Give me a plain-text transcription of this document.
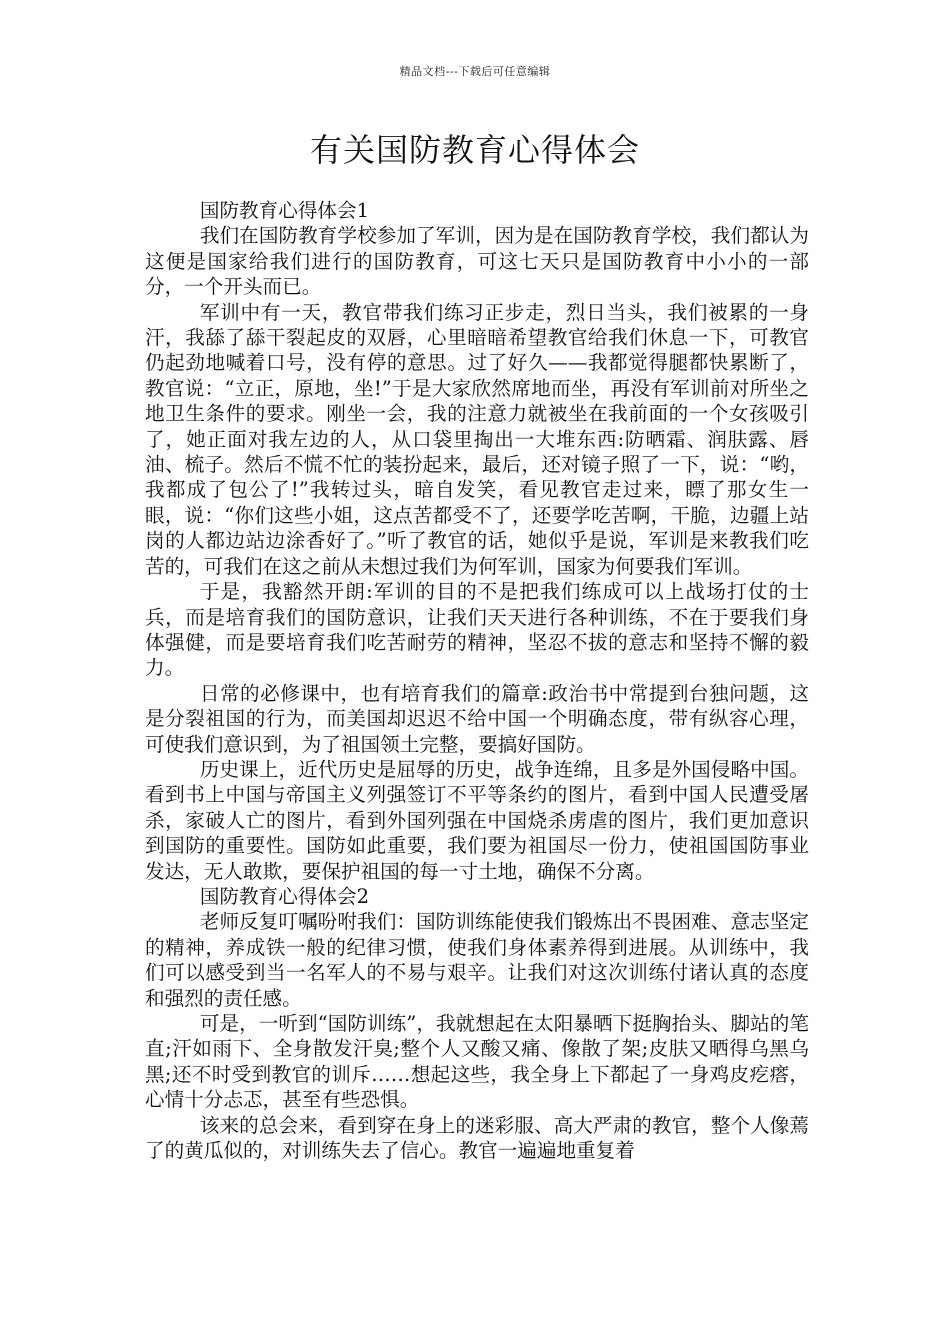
精品文档---下载后可任意编辑
有关国防教育心得体会

国防教育心得体会1

我们在国防教育学校参加了军训，因为是在国防教育学校，我们都认为这便是国家给我们进行的国防教育，可这七天只是国防教育中小小的一部分，一个开头而已。

军训中有一天，教官带我们练习正步走，烈日当头，我们被累的一身汗，我舔了舔干裂起皮的双唇，心里暗暗希望教官给我们休息一下，可教官仍起劲地喊着口号，没有停的意思。过了好久——我都觉得腿都快累断了，教官说：“立正，原地，坐!”于是大家欣然席地而坐，再没有军训前对所坐之地卫生条件的要求。刚坐一会，我的注意力就被坐在我前面的一个女孩吸引了，她正面对我左边的人，从口袋里掏出一大堆东西:防晒霜、润肤露、唇油、梳子。然后不慌不忙的装扮起来，最后，还对镜子照了一下，说：“哟，我都成了包公了!”我转过头，暗自发笑，看见教官走过来，瞟了那女生一眼，说：“你们这些小姐，这点苦都受不了，还要学吃苦啊，干脆，边疆上站岗的人都边站边涂香好了。”听了教官的话，她似乎是说，军训是来教我们吃苦的，可我们在这之前从未想过我们为何军训，国家为何要我们军训。

于是，我豁然开朗:军训的目的不是把我们练成可以上战场打仗的士兵，而是培育我们的国防意识，让我们天天进行各种训练，不在于要我们身体强健，而是要培育我们吃苦耐劳的精神，坚忍不拔的意志和坚持不懈的毅力。

日常的必修课中，也有培育我们的篇章:政治书中常提到台独问题，这是分裂祖国的行为，而美国却迟迟不给中国一个明确态度，带有纵容心理，可使我们意识到，为了祖国领土完整，要搞好国防。

历史课上，近代历史是屈辱的历史，战争连绵，且多是外国侵略中国。看到书上中国与帝国主义列强签订不平等条约的图片，看到中国人民遭受屠杀，家破人亡的图片，看到外国列强在中国烧杀虏虐的图片，我们更加意识到国防的重要性。国防如此重要，我们要为祖国尽一份力，使祖国国防事业发达，无人敢欺，要保护祖国的每一寸土地，确保不分离。

国防教育心得体会2

老师反复叮嘱吩咐我们：国防训练能使我们锻炼出不畏困难、意志坚定的精神，养成铁一般的纪律习惯，使我们身体素养得到进展。从训练中，我们可以感受到当一名军人的不易与艰辛。让我们对这次训练付诸认真的态度和强烈的责任感。

可是，一听到“国防训练”，我就想起在太阳暴晒下挺胸抬头、脚站的笔直;汗如雨下、全身散发汗臭;整个人又酸又痛、像散了架;皮肤又晒得乌黑乌黑;还不时受到教官的训斥……想起这些，我全身上下都起了一身鸡皮疙瘩，心情十分忐忑，甚至有些恐惧。

该来的总会来，看到穿在身上的迷彩服、高大严肃的教官，整个人像蔫了的黄瓜似的，对训练失去了信心。教官一遍遍地重复着
